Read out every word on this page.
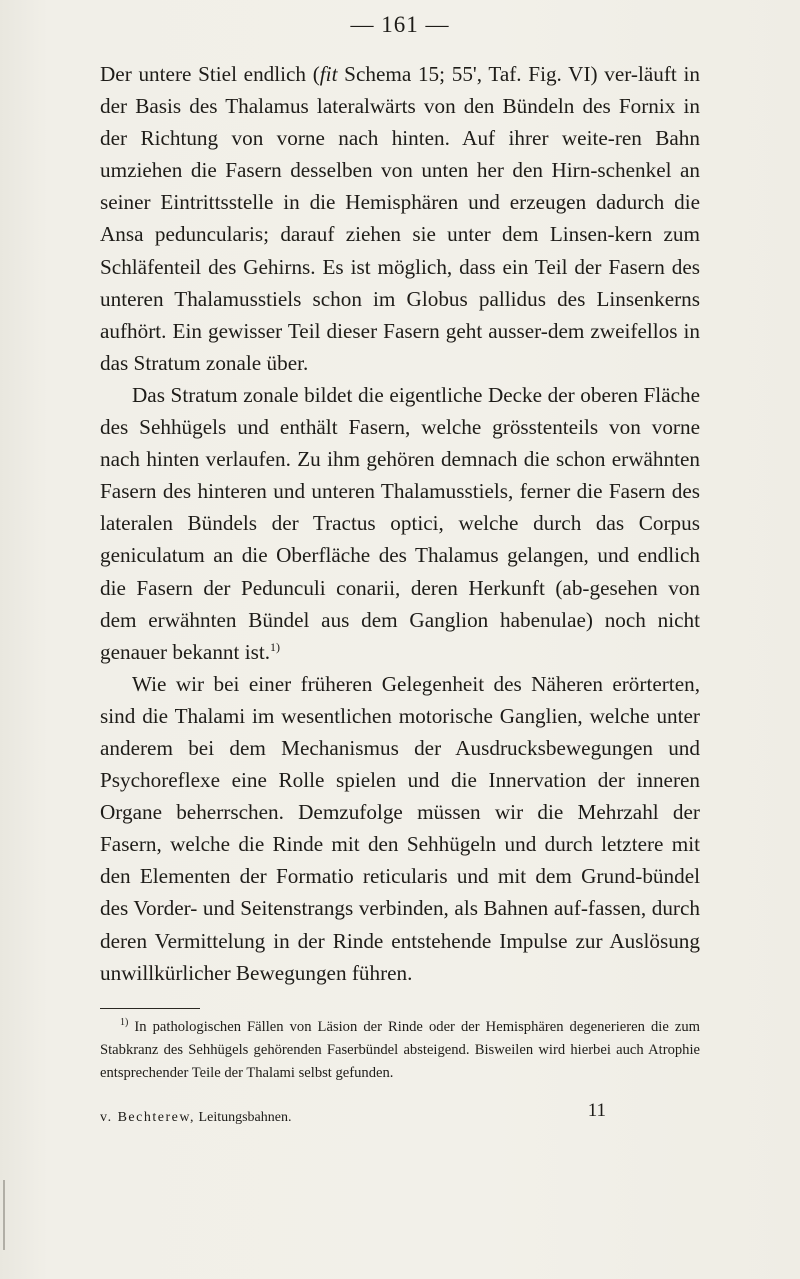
— 161 —

Der untere Stiel endlich (fit Schema 15; 55', Taf. Fig. VI) ver-läuft in der Basis des Thalamus lateralwärts von den Bündeln des Fornix in der Richtung von vorne nach hinten. Auf ihrer weite-ren Bahn umziehen die Fasern desselben von unten her den Hirn-schenkel an seiner Eintrittsstelle in die Hemisphären und erzeugen dadurch die Ansa peduncularis; darauf ziehen sie unter dem Linsen-kern zum Schläfenteil des Gehirns. Es ist möglich, dass ein Teil der Fasern des unteren Thalamusstiels schon im Globus pallidus des Linsenkerns aufhört. Ein gewisser Teil dieser Fasern geht ausser-dem zweifellos in das Stratum zonale über.

Das Stratum zonale bildet die eigentliche Decke der oberen Fläche des Sehhügels und enthält Fasern, welche grösstenteils von vorne nach hinten verlaufen. Zu ihm gehören demnach die schon erwähnten Fasern des hinteren und unteren Thalamusstiels, ferner die Fasern des lateralen Bündels der Tractus optici, welche durch das Corpus geniculatum an die Oberfläche des Thalamus gelangen, und endlich die Fasern der Pedunculi conarii, deren Herkunft (ab-gesehen von dem erwähnten Bündel aus dem Ganglion habenulae) noch nicht genauer bekannt ist.$^{1)}$

Wie wir bei einer früheren Gelegenheit des Näheren erörterten, sind die Thalami im wesentlichen motorische Ganglien, welche unter anderem bei dem Mechanismus der Ausdrucksbewegungen und Psychoreflexe eine Rolle spielen und die Innervation der inneren Organe beherrschen. Demzufolge müssen wir die Mehrzahl der Fasern, welche die Rinde mit den Sehhügeln und durch letztere mit den Elementen der Formatio reticularis und mit dem Grund-bündel des Vorder- und Seitenstrangs verbinden, als Bahnen auf-fassen, durch deren Vermittelung in der Rinde entstehende Impulse zur Auslösung unwillkürlicher Bewegungen führen.

$^{1)}$ In pathologischen Fällen von Läsion der Rinde oder der Hemisphären degenerieren die zum Stabkranz des Sehhügels gehörenden Faserbündel absteigend. Bisweilen wird hierbei auch Atrophie entsprechender Teile der Thalami selbst gefunden.

v. Bechterew, Leitungsbahnen.	11
